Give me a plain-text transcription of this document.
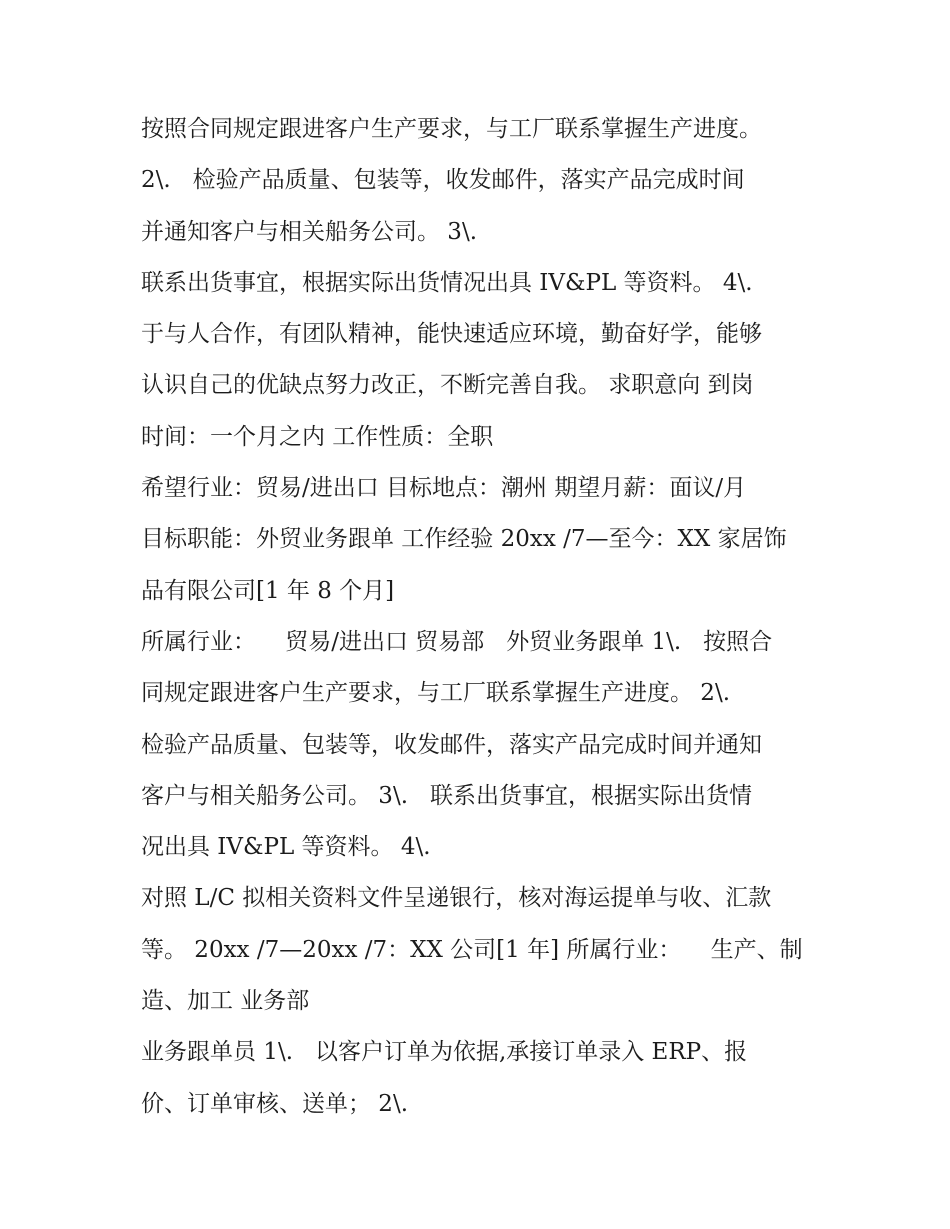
按照合同规定跟进客户生产要求，与工厂联系掌握生产进度。
2\.   检验产品质量、包装等，收发邮件，落实产品完成时间
并通知客户与相关船务公司。 3\.
联系出货事宜，根据实际出货情况出具 IV&PL 等资料。 4\.
于与人合作，有团队精神，能快速适应环境，勤奋好学，能够
认识自己的优缺点努力改正，不断完善自我。 求职意向 到岗
时间：一个月之内 工作性质：全职
希望行业：贸易/进出口 目标地点：潮州 期望月薪：面议/月
目标职能：外贸业务跟单 工作经验 20xx /7—至今：XX 家居饰
品有限公司[1 年 8 个月]
所属行业：    贸易/进出口 贸易部   外贸业务跟单 1\.   按照合
同规定跟进客户生产要求，与工厂联系掌握生产进度。 2\.
检验产品质量、包装等，收发邮件，落实产品完成时间并通知
客户与相关船务公司。 3\.   联系出货事宜，根据实际出货情
况出具 IV&PL 等资料。 4\.
对照 L/C 拟相关资料文件呈递银行，核对海运提单与收、汇款
等。 20xx /7—20xx /7：XX 公司[1 年] 所属行业：    生产、制
造、加工 业务部
业务跟单员 1\.   以客户订单为依据,承接订单录入 ERP、报
价、订单审核、送单； 2\.
